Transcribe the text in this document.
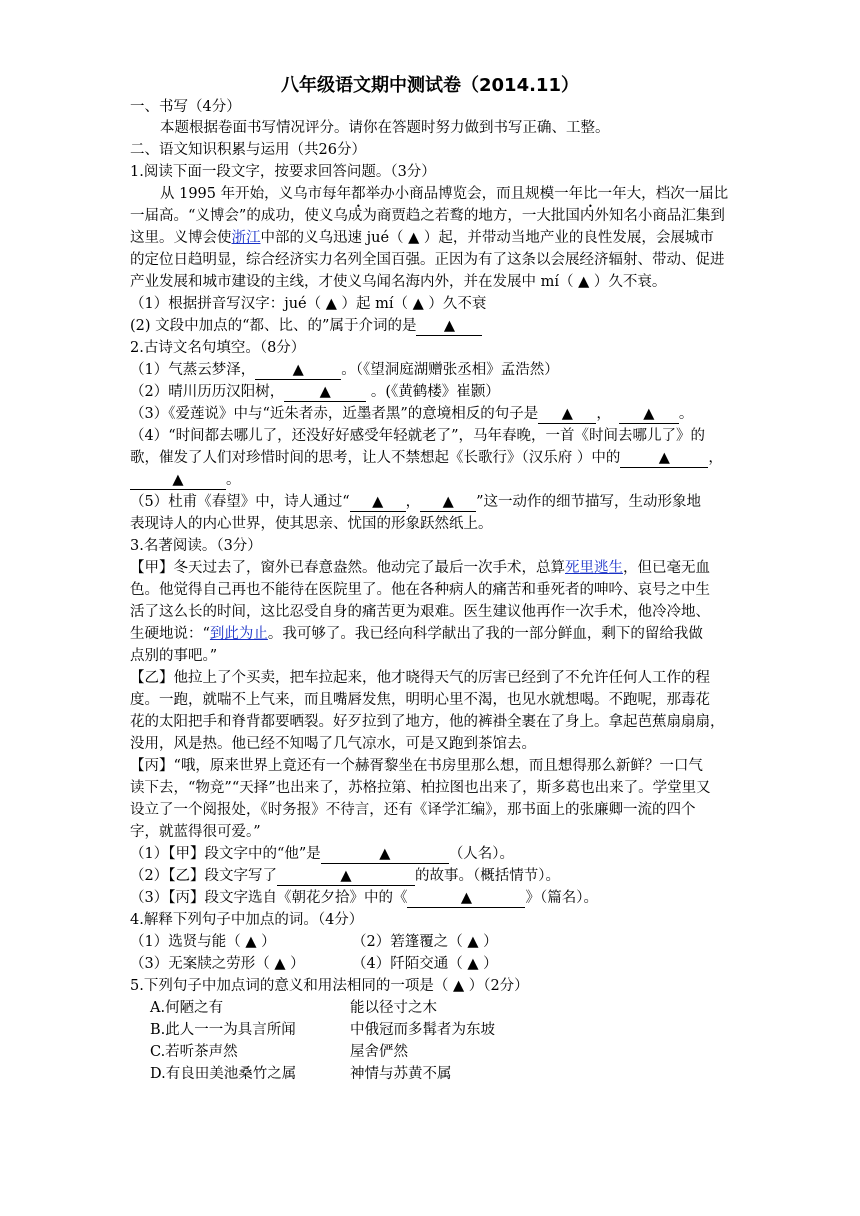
八年级语文期中测试卷（2014.11）
一、书写（4分）
本题根据卷面书写情况评分。请你在答题时努力做到书写正确、工整。
二、语文知识积累与运用（共26分）
1.阅读下面一段文字，按要求回答问题。（3分）
从 1995 年开始，义乌市每年都举办小商品博览会，而且规模一年比一年大，档次一届比
一届高。“义博会”的成功，使义乌成为商贾趋之若鹜的地方，一大批国内外知名小商品汇集到
这里。义博会使浙江中部的义乌迅速 jué（ ▲ ）起，并带动当地产业的良性发展，会展城市
的定位日趋明显，综合经济实力名列全国百强。正因为有了这条以会展经济辐射、带动、促进
产业发展和城市建设的主线，才使义乌闻名海内外，并在发展中 mí（ ▲ ）久不衰。
（1）根据拼音写汉字：jué（ ▲ ）起 mí（ ▲ ）久不衰
(2) 文段中加点的“都、比、的”属于介词的是 ▲
2.古诗文名句填空。（8分）
（1）气蒸云梦泽，	▲	。（《望洞庭湖赠张丞相》孟浩然）
（2）晴川历历汉阳树， ▲ 。(《黄鹤楼》崔颢）
（3）《爱莲说》中与“近朱者赤，近墨者黑”的意境相反的句子是 ▲ ， ▲ 。
（4）“时间都去哪儿了，还没好好感受年轻就老了”，马年春晚，一首《时间去哪儿了》的
歌，催发了人们对珍惜时间的思考，让人不禁想起《长歌行》（汉乐府 ）中的	▲	，
▲	。
（5）杜甫《春望》中，诗人通过“ ▲ ， ▲ ”这一动作的细节描写，生动形象地
表现诗人的内心世界，使其思亲、忧国的形象跃然纸上。
3.名著阅读。（3分）
【甲】冬天过去了，窗外已春意盎然。他动完了最后一次手术，总算死里逃生，但已毫无血
色。他觉得自己再也不能待在医院里了。他在各种病人的痛苦和垂死者的呻吟、哀号之中生
活了这么长的时间，这比忍受自身的痛苦更为艰难。医生建议他再作一次手术，他冷冷地、
生硬地说：“到此为止。我可够了。我已经向科学献出了我的一部分鲜血，剩下的留给我做
点别的事吧。”
【乙】他拉上了个买卖，把车拉起来，他才晓得天气的厉害已经到了不允许任何人工作的程
度。一跑，就喘不上气来，而且嘴唇发焦，明明心里不渴，也见水就想喝。不跑呢，那毒花
花的太阳把手和脊背都要晒裂。好歹拉到了地方，他的裤褂全裹在了身上。拿起芭蕉扇扇扇，
没用，风是热。他已经不知喝了几气凉水，可是又跑到茶馆去。
【丙】“哦，原来世界上竟还有一个赫胥黎坐在书房里那么想，而且想得那么新鲜？一口气
读下去，“物竞”“天择”也出来了，苏格拉第、柏拉图也出来了，斯多葛也出来了。学堂里又
设立了一个阅报处，《时务报》不待言，还有《译学汇编》，那书面上的张廉卿一流的四个
字，就蓝得很可爱。”
（1）【甲】段文字中的“他”是	▲	（人名）。
（2）【乙】段文字写了	▲	的故事。（概括情节）。
（3）【丙】段文字选自《朝花夕拾》中的《	▲	》（篇名）。
4.解释下列句子中加点的词。（4分）
（1）选贤与能（ ▲ ）	（2）箬篷覆之（ ▲ ）
（3）无案牍之劳形（ ▲ ）	（4）阡陌交通（ ▲ ）
5.下列句子中加点词的意义和用法相同的一项是（ ▲ ）（2分）
A.何陋之有	能以径寸之木
B.此人一一为具言所闻	中俄冠而多髯者为东坡
C.若听茶声然	屋舍俨然
D.有良田美池桑竹之属	神情与苏黄不属
